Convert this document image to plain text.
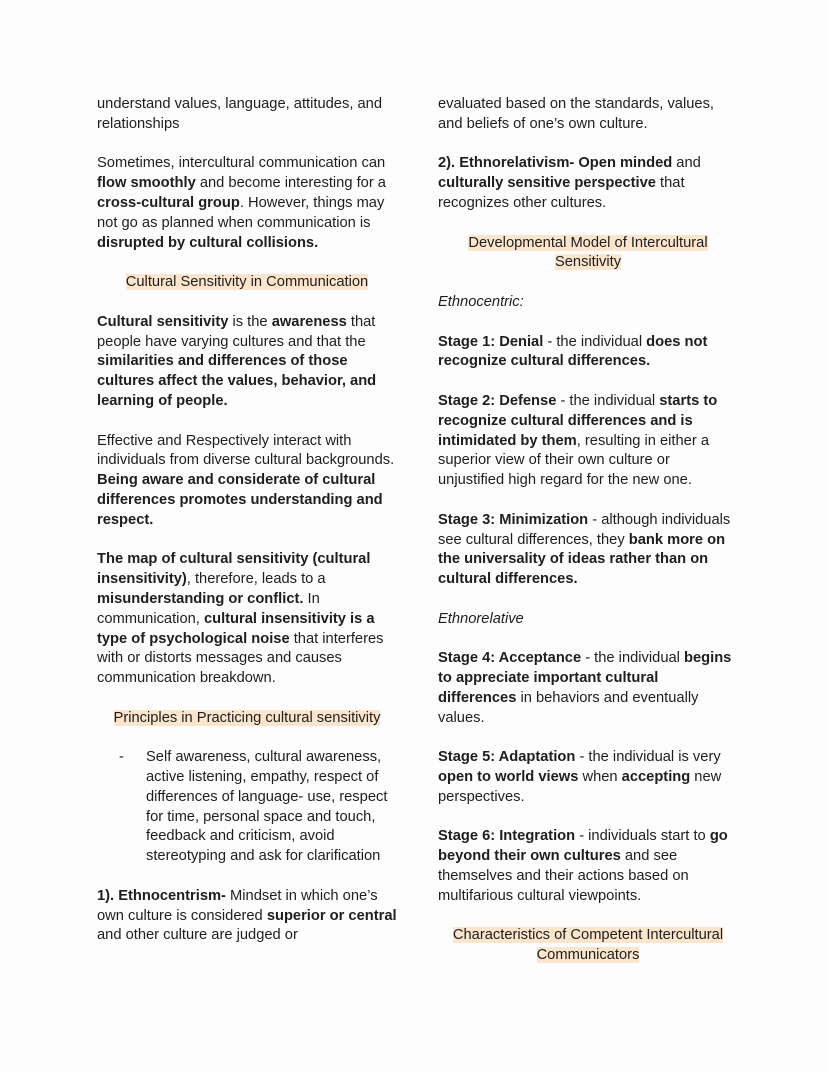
understand values, language, attitudes, and relationships

Sometimes, intercultural communication can flow smoothly and become interesting for a cross-cultural group. However, things may not go as planned when communication is disrupted by cultural collisions.

Cultural Sensitivity in Communication

Cultural sensitivity is the awareness that people have varying cultures and that the similarities and differences of those cultures affect the values, behavior, and learning of people.

Effective and Respectively interact with individuals from diverse cultural backgrounds. Being aware and considerate of cultural differences promotes understanding and respect.

The map of cultural sensitivity (cultural insensitivity), therefore, leads to a misunderstanding or conflict. In communication, cultural insensitivity is a type of psychological noise that interferes with or distorts messages and causes communication breakdown.

Principles in Practicing cultural sensitivity
- Self awareness, cultural awareness, active listening, empathy, respect of differences of language- use, respect for time, personal space and touch, feedback and criticism, avoid stereotyping and ask for clarification

1). Ethnocentrism- Mindset in which one’s own culture is considered superior or central and other culture are judged or

evaluated based on the standards, values, and beliefs of one’s own culture.

2). Ethnorelativism- Open minded and culturally sensitive perspective that recognizes other cultures.

Developmental Model of Intercultural
Sensitivity
Ethnocentric:

Stage 1: Denial - the individual does not recognize cultural differences.

Stage 2: Defense - the individual starts to recognize cultural differences and is intimidated by them, resulting in either a superior view of their own culture or unjustified high regard for the new one.

Stage 3: Minimization - although individuals see cultural differences, they bank more on the universality of ideas rather than on cultural differences.

Ethnorelative

Stage 4: Acceptance - the individual begins to appreciate important cultural differences in behaviors and eventually values.

Stage 5: Adaptation - the individual is very open to world views when accepting new perspectives.

Stage 6: Integration - individuals start to go beyond their own cultures and see themselves and their actions based on multifarious cultural viewpoints.

Characteristics of Competent Intercultural
Communicators
